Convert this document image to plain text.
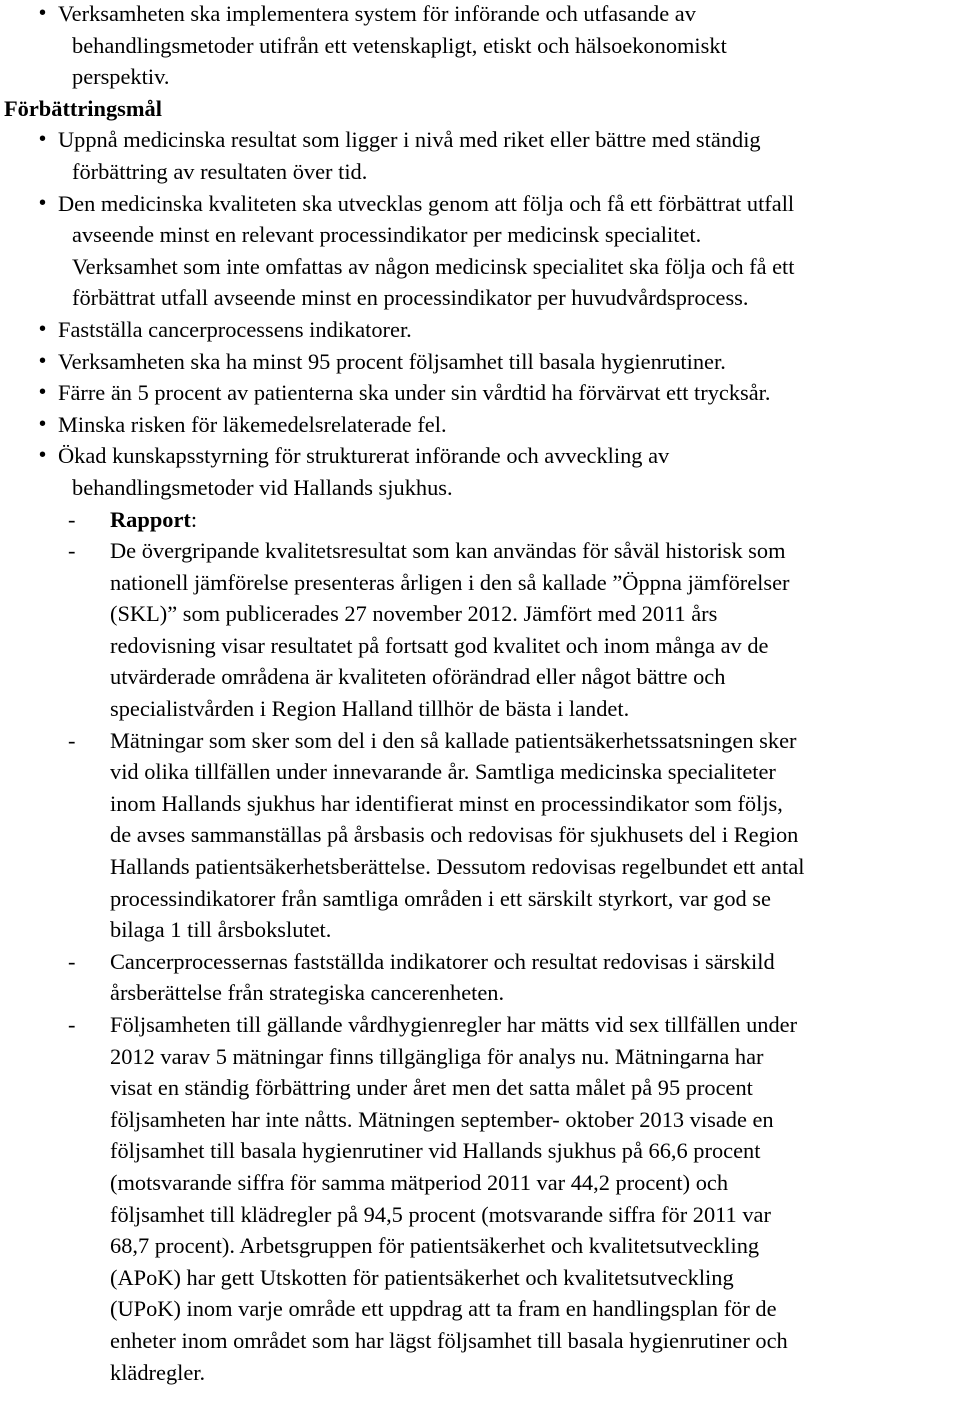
• Verksamheten ska implementera system för införande och utfasande av
behandlingsmetoder utifrån ett vetenskapligt, etiskt och hälsoekonomiskt
perspektiv.
Förbättringsmål
• Uppnå medicinska resultat som ligger i nivå med riket eller bättre med ständig
förbättring av resultaten över tid.
• Den medicinska kvaliteten ska utvecklas genom att följa och få ett förbättrat utfall
avseende minst en relevant processindikator per medicinsk specialitet.
Verksamhet som inte omfattas av någon medicinsk specialitet ska följa och få ett
förbättrat utfall avseende minst en processindikator per huvudvårdsprocess.
• Fastställa cancerprocessens indikatorer.
• Verksamheten ska ha minst 95 procent följsamhet till basala hygienrutiner.
• Färre än 5 procent av patienterna ska under sin vårdtid ha förvärvat ett trycksår.
• Minska risken för läkemedelsrelaterade fel.
• Ökad kunskapsstyrning för strukturerat införande och avveckling av
behandlingsmetoder vid Hallands sjukhus.
- Rapport:
- De övergripande kvalitetsresultat som kan användas för såväl historisk som
nationell jämförelse presenteras årligen i den så kallade ”Öppna jämförelser
(SKL)” som publicerades 27 november 2012. Jämfört med 2011 års
redovisning visar resultatet på fortsatt god kvalitet och inom många av de
utvärderade områdena är kvaliteten oförändrad eller något bättre och
specialistvården i Region Halland tillhör de bästa i landet.
- Mätningar som sker som del i den så kallade patientsäkerhetssatsningen sker
vid olika tillfällen under innevarande år. Samtliga medicinska specialiteter
inom Hallands sjukhus har identifierat minst en processindikator som följs,
de avses sammanställas på årsbasis och redovisas för sjukhusets del i Region
Hallands patientsäkerhetsberättelse. Dessutom redovisas regelbundet ett antal
processindikatorer från samtliga områden i ett särskilt styrkort, var god se
bilaga 1 till årsbokslutet.
- Cancerprocessernas fastställda indikatorer och resultat redovisas i särskild
årsberättelse från strategiska cancerenheten.
- Följsamheten till gällande vårdhygienregler har mätts vid sex tillfällen under
2012 varav 5 mätningar finns tillgängliga för analys nu. Mätningarna har
visat en ständig förbättring under året men det satta målet på 95 procent
följsamheten har inte nåtts. Mätningen september- oktober 2013 visade en
följsamhet till basala hygienrutiner vid Hallands sjukhus på 66,6 procent
(motsvarande siffra för samma mätperiod 2011 var 44,2 procent) och
följsamhet till klädregler på 94,5 procent (motsvarande siffra för 2011 var
68,7 procent). Arbetsgruppen för patientsäkerhet och kvalitetsutveckling
(APoK) har gett Utskotten för patientsäkerhet och kvalitetsutveckling
(UPoK) inom varje område ett uppdrag att ta fram en handlingsplan för de
enheter inom området som har lägst följsamhet till basala hygienrutiner och
klädregler.
